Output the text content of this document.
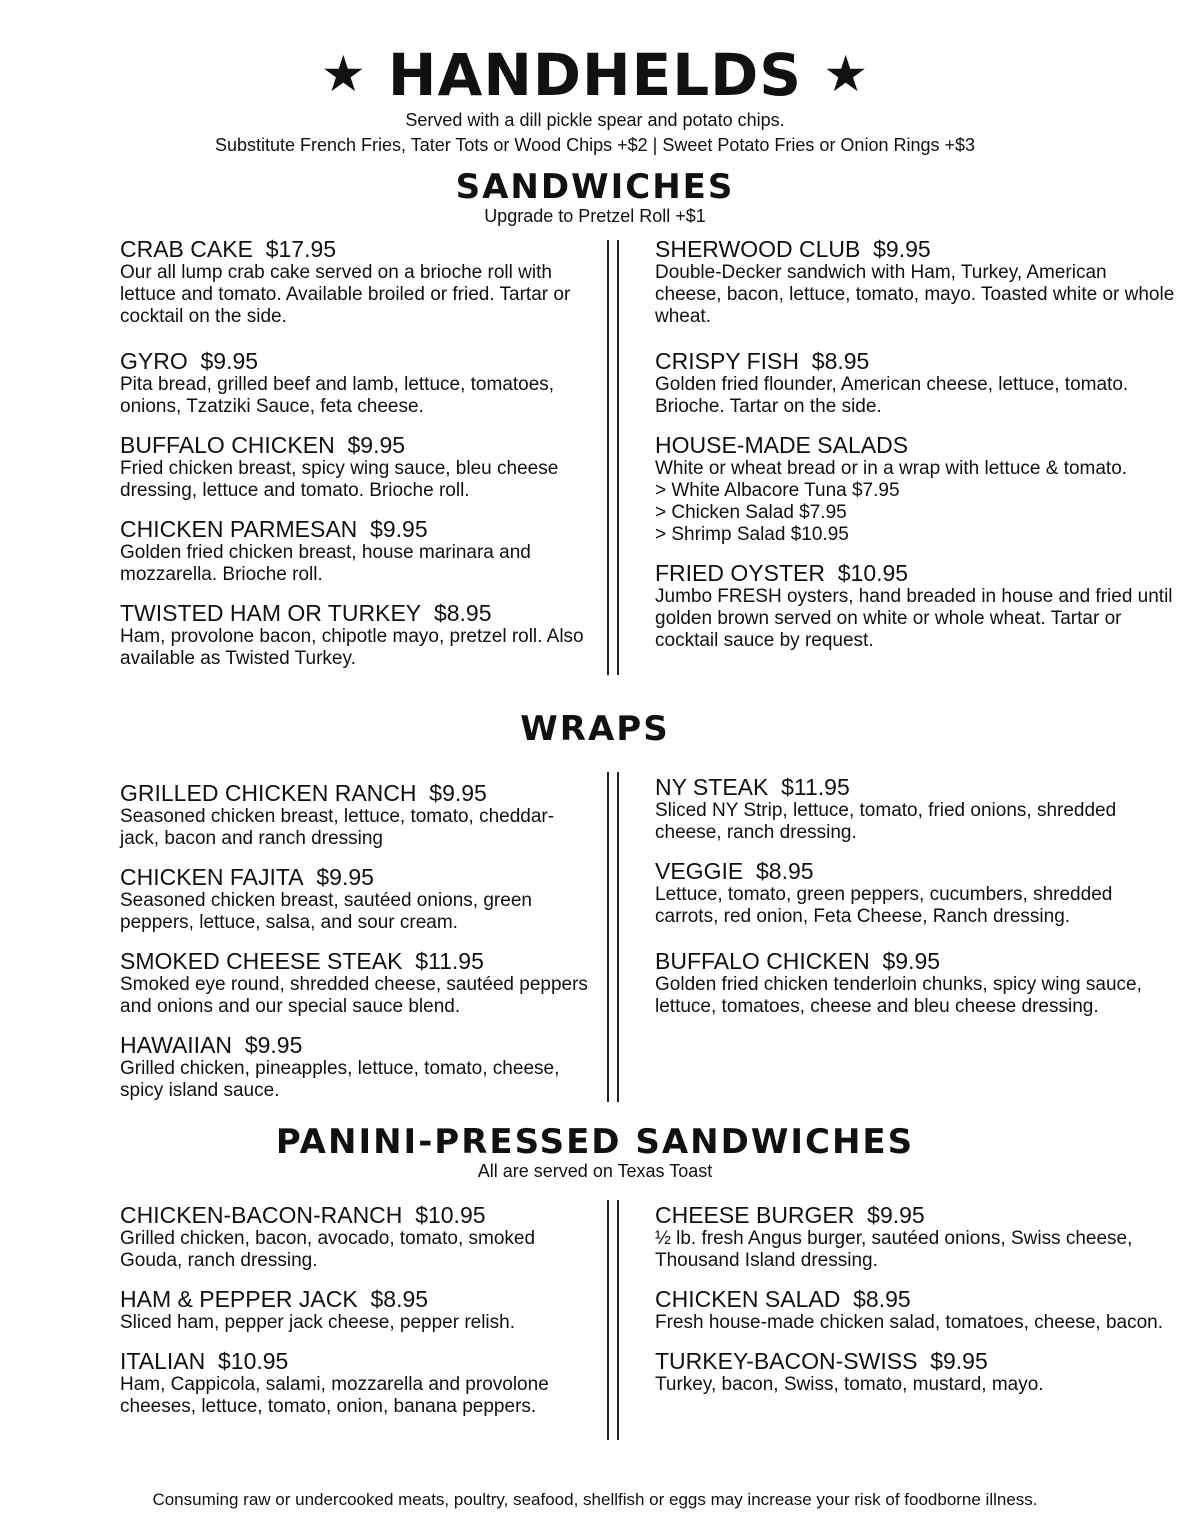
★ HANDHELDS ★
Served with a dill pickle spear and potato chips.
Substitute French Fries, Tater Tots or Wood Chips +$2 | Sweet Potato Fries or Onion Rings +$3
SANDWICHES
Upgrade to Pretzel Roll +$1
CRAB CAKE $17.95
Our all lump crab cake served on a brioche roll with lettuce and tomato. Available broiled or fried. Tartar or cocktail on the side.
GYRO $9.95
Pita bread, grilled beef and lamb, lettuce, tomatoes, onions, Tzatziki Sauce, feta cheese.
BUFFALO CHICKEN $9.95
Fried chicken breast, spicy wing sauce, bleu cheese dressing, lettuce and tomato. Brioche roll.
CHICKEN PARMESAN $9.95
Golden fried chicken breast, house marinara and mozzarella. Brioche roll.
TWISTED HAM OR TURKEY $8.95
Ham, provolone bacon, chipotle mayo, pretzel roll. Also available as Twisted Turkey.
SHERWOOD CLUB $9.95
Double-Decker sandwich with Ham, Turkey, American cheese, bacon, lettuce, tomato, mayo. Toasted white or whole wheat.
CRISPY FISH $8.95
Golden fried flounder, American cheese, lettuce, tomato. Brioche. Tartar on the side.
HOUSE-MADE SALADS
White or wheat bread or in a wrap with lettuce & tomato.
> White Albacore Tuna $7.95
> Chicken Salad $7.95
> Shrimp Salad $10.95
FRIED OYSTER $10.95
Jumbo FRESH oysters, hand breaded in house and fried until golden brown served on white or whole wheat. Tartar or cocktail sauce by request.
WRAPS
GRILLED CHICKEN RANCH $9.95
Seasoned chicken breast, lettuce, tomato, cheddar-jack, bacon and ranch dressing
CHICKEN FAJITA $9.95
Seasoned chicken breast, sautéed onions, green peppers, lettuce, salsa, and sour cream.
SMOKED CHEESE STEAK $11.95
Smoked eye round, shredded cheese, sautéed peppers and onions and our special sauce blend.
HAWAIIAN $9.95
Grilled chicken, pineapples, lettuce, tomato, cheese, spicy island sauce.
NY STEAK $11.95
Sliced NY Strip, lettuce, tomato, fried onions, shredded cheese, ranch dressing.
VEGGIE $8.95
Lettuce, tomato, green peppers, cucumbers, shredded carrots, red onion, Feta Cheese, Ranch dressing.
BUFFALO CHICKEN $9.95
Golden fried chicken tenderloin chunks, spicy wing sauce, lettuce, tomatoes, cheese and bleu cheese dressing.
PANINI-PRESSED SANDWICHES
All are served on Texas Toast
CHICKEN-BACON-RANCH $10.95
Grilled chicken, bacon, avocado, tomato, smoked Gouda, ranch dressing.
HAM & PEPPER JACK $8.95
Sliced ham, pepper jack cheese, pepper relish.
ITALIAN $10.95
Ham, Cappicola, salami, mozzarella and provolone cheeses, lettuce, tomato, onion, banana peppers.
CHEESE BURGER $9.95
½ lb. fresh Angus burger, sautéed onions, Swiss cheese, Thousand Island dressing.
CHICKEN SALAD $8.95
Fresh house-made chicken salad, tomatoes, cheese, bacon.
TURKEY-BACON-SWISS $9.95
Turkey, bacon, Swiss, tomato, mustard, mayo.
Consuming raw or undercooked meats, poultry, seafood, shellfish or eggs may increase your risk of foodborne illness.
